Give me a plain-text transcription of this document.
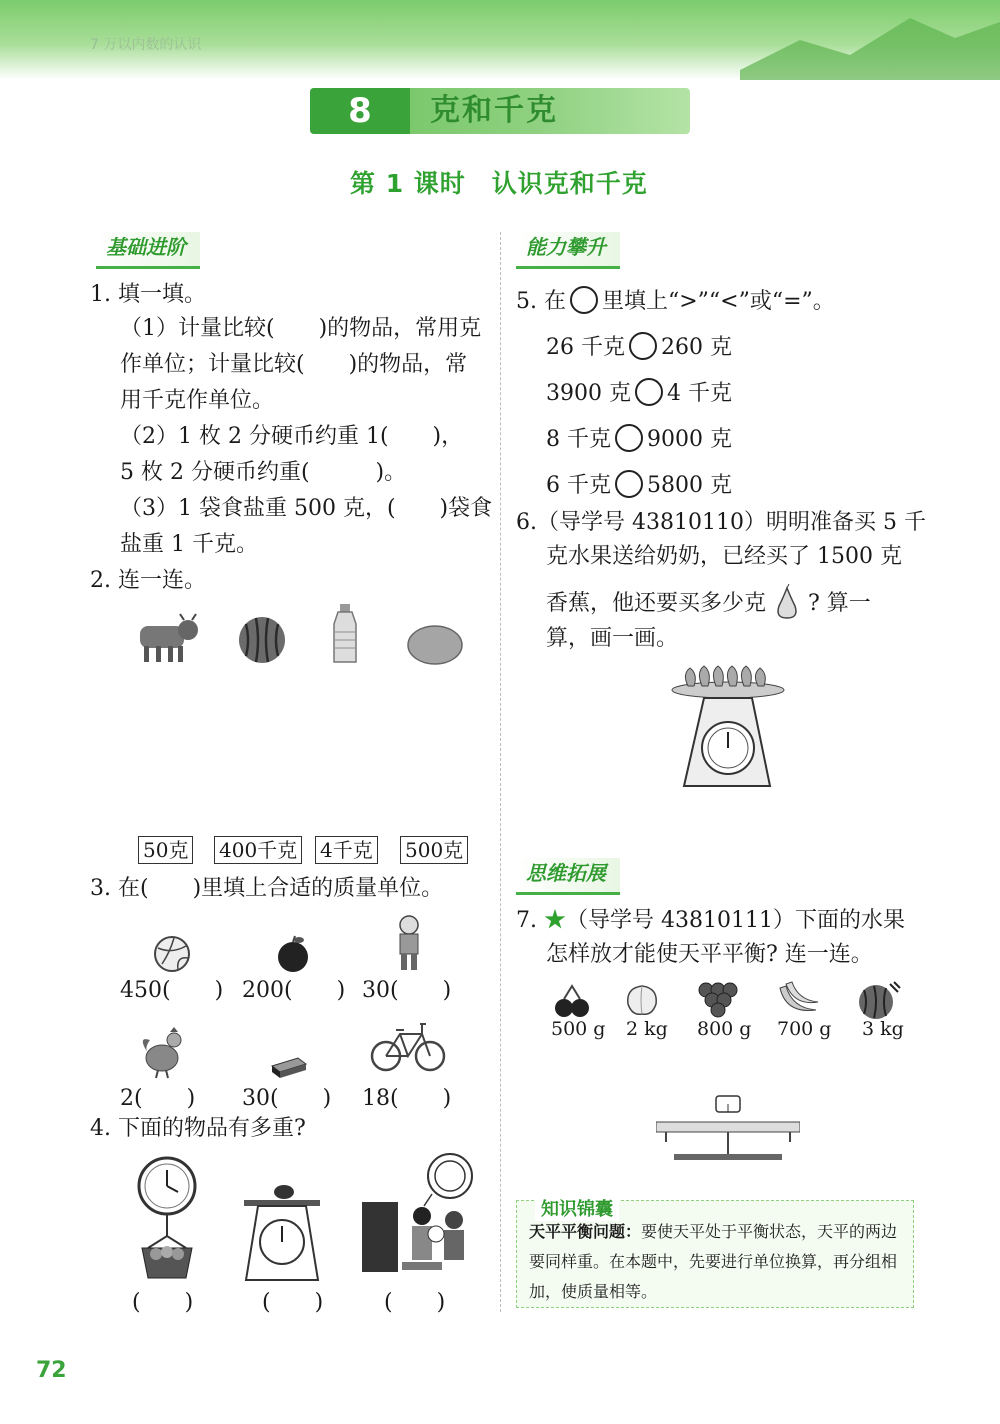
7 万以内数的认识
8	克和千克
第 1 课时　认识克和千克
基础进阶	能力攀升
思维拓展
1. 填一填。
（1）计量比较(　　)的物品，常用克
作单位；计量比较(　　)的物品，常
用千克作单位。
（2）1 枚 2 分硬币约重 1(　　)，
5 枚 2 分硬币约重(　　　)。
（3）1 袋食盐重 500 克，(　　)袋食
盐重 1 千克。
2. 连一连。
50克 400千克 4千克 500克
3. 在(　　)里填上合适的质量单位。
450(　　) 200(　　) 30(　　)
2(　　) 30(　　) 18(　　)
4. 下面的物品有多重?
(　　)	(　　)	(　　)
5. 在 里填上“>”“<”或“=”。
26 千克 260 克
3900 克 4 千克
8 千克 9000 克
6 千克 5800 克
6.（导学号 43810110）明明准备买 5 千
克水果送给奶奶，已经买了 1500 克
香蕉，他还要买多少克 ? 算一
算，画一画。
7. ★（导学号 43810111）下面的水果
怎样放才能使天平平衡? 连一连。
500 g 2 kg 800 g 700 g 3 kg
知识锦囊
天平平衡问题：要使天平处于平衡状态，天平的两边要同样重。在本题中，先要进行单位换算，再分组相加，使质量相等。
72
